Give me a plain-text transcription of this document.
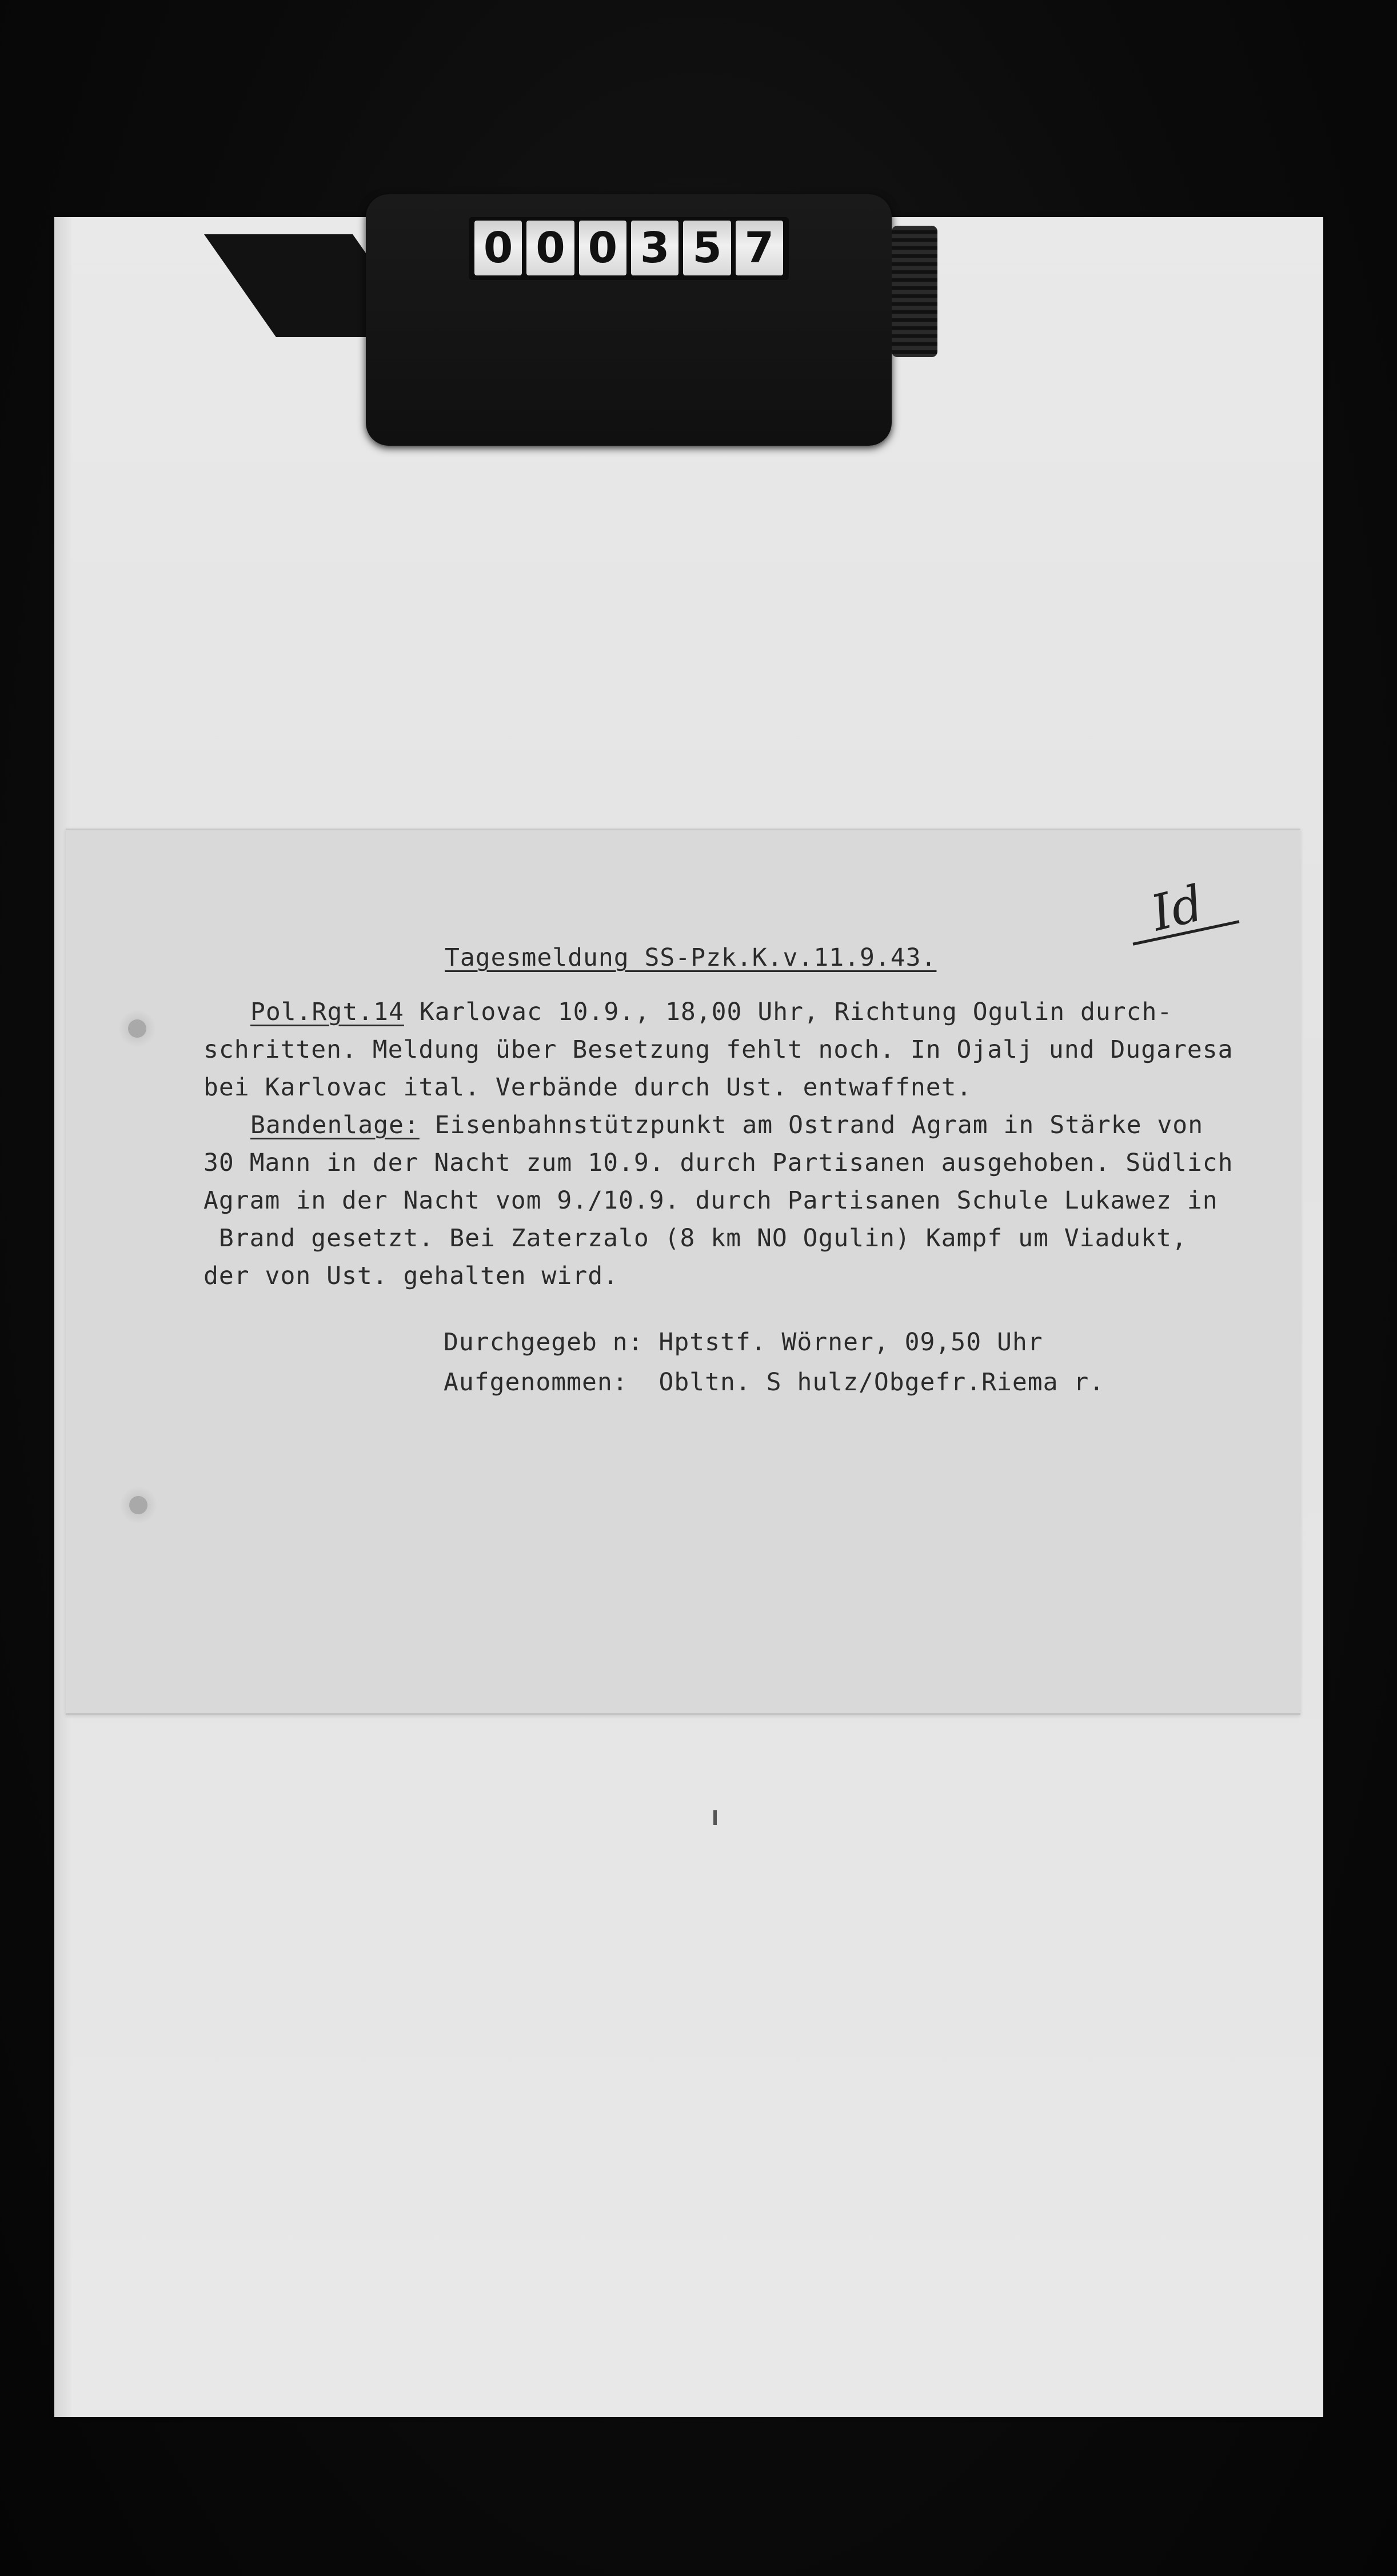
0 0 0 3 5 7
Id
Tagesmeldung SS-Pzk.K.v.11.9.43.
Pol.Rgt.14 Karlovac 10.9., 18,00 Uhr, Richtung Ogulin durch-
schritten. Meldung über Besetzung fehlt noch. In Ojalj und Dugaresa
bei Karlovac ital. Verbände durch Ust. entwaffnet.
Bandenlage: Eisenbahnstützpunkt am Ostrand Agram in Stärke von
30 Mann in der Nacht zum 10.9. durch Partisanen ausgehoben. Südlich
Agram in der Nacht vom 9./10.9. durch Partisanen Schule Lukawez in
Brand gesetzt. Bei Zaterzalo (8 km NO Ogulin) Kampf um Viadukt,
der von Ust. gehalten wird.
Durchgegeb n: Hptstf. Wörner, 09,50 Uhr
Aufgenommen:  Obltn. S hulz/Obgefr.Riema r.
